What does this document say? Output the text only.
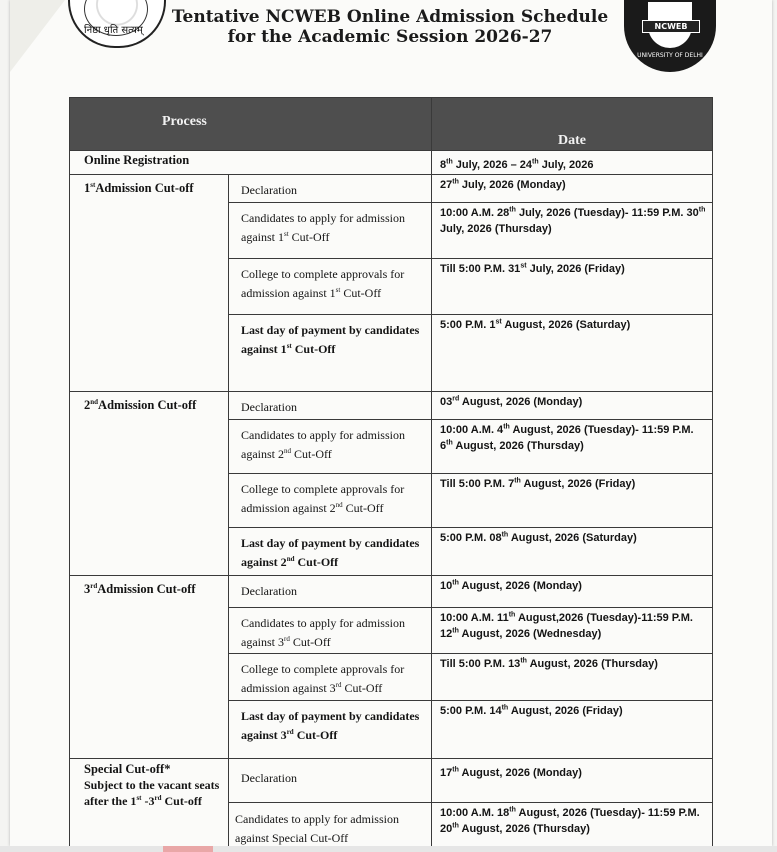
निष्ठा धृति सत्यम्	NCWEB
UNIVERSITY OF DELHI
Tentative NCWEB Online Admission Schedule
for the Academic Session 2026-27
Process		Date
Online Registration		8th July, 2026 – 24th July, 2026
1stAdmission Cut-off	Declaration	27th July, 2026 (Monday)
	Candidates to apply for admission against 1st Cut-Off	10:00 A.M. 28th July, 2026 (Tuesday)- 11:59 P.M. 30th July, 2026 (Thursday)
	College to complete approvals for admission against 1st Cut-Off	Till 5:00 P.M. 31st July, 2026 (Friday)
	Last day of payment by candidates against 1st Cut-Off	5:00 P.M. 1st August, 2026 (Saturday)
2ndAdmission Cut-off	Declaration	03rd August, 2026 (Monday)
	Candidates to apply for admission against 2nd Cut-Off	10:00 A.M. 4th August, 2026 (Tuesday)- 11:59 P.M. 6th August, 2026 (Thursday)
	College to complete approvals for admission against 2nd Cut-Off	Till 5:00 P.M. 7th August, 2026 (Friday)
	Last day of payment by candidates against 2nd Cut-Off	5:00 P.M. 08th August, 2026 (Saturday)
3rdAdmission Cut-off	Declaration	10th August, 2026 (Monday)
	Candidates to apply for admission against 3rd Cut-Off	10:00 A.M. 11th August,2026 (Tuesday)-11:59 P.M. 12th August, 2026 (Wednesday)
	College to complete approvals for admission against 3rd Cut-Off	Till 5:00 P.M. 13th August, 2026 (Thursday)
	Last day of payment by candidates against 3rd Cut-Off	5:00 P.M. 14th August, 2026 (Friday)

Special Cut-off*
Subject to the vacant seats after the 1st -3rd Cut-off	Declaration	17th August, 2026 (Monday)
	Candidates to apply for admission against Special Cut-Off	10:00 A.M. 18th August, 2026 (Tuesday)- 11:59 P.M. 20th August, 2026 (Thursday)
